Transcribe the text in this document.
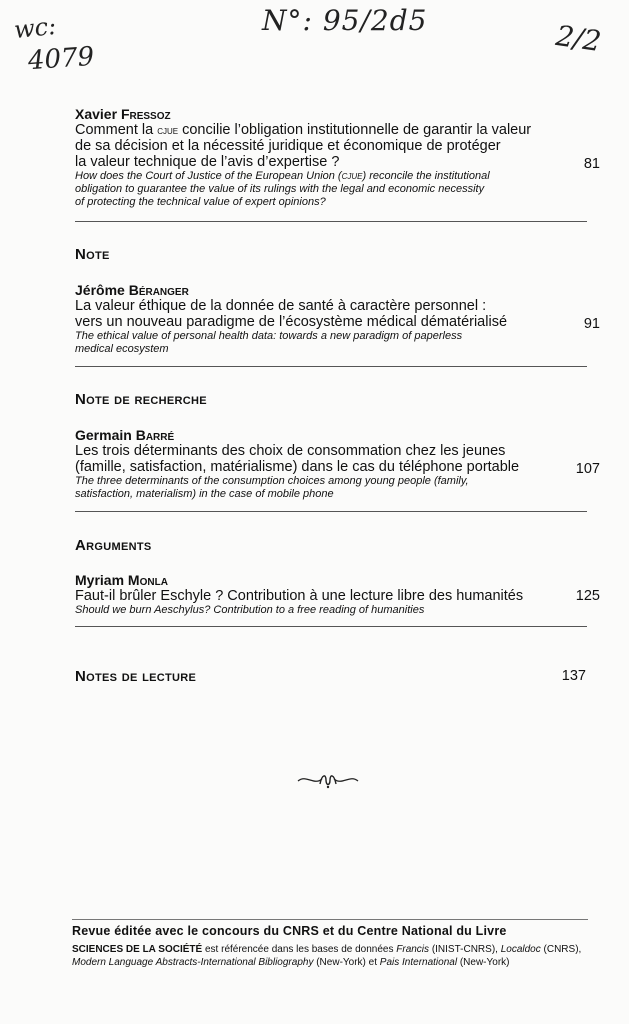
wc:
4079
N°: 95/2d5	2/2
Xavier Fressoz
Comment la cjue concilie l’obligation institutionnelle de garantir la valeur
de sa décision et la nécessité juridique et économique de protéger
la valeur technique de l’avis d’expertise ?
How does the Court of Justice of the European Union (cjue) reconcile the institutional
obligation to guarantee the value of its rulings with the legal and economic necessity
of protecting the technical value of expert opinions?
81
Note
Jérôme Béranger
La valeur éthique de la donnée de santé à caractère personnel :
vers un nouveau paradigme de l’écosystème médical dématérialisé
The ethical value of personal health data: towards a new paradigm of paperless
medical ecosystem
91
Note de recherche
Germain Barré
Les trois déterminants des choix de consommation chez les jeunes
(famille, satisfaction, matérialisme) dans le cas du téléphone portable
The three determinants of the consumption choices among young people (family,
satisfaction, materialism) in the case of mobile phone
107
Arguments
Myriam Monla
Faut-il brûler Eschyle ? Contribution à une lecture libre des humanités
Should we burn Aeschylus? Contribution to a free reading of humanities
125
Notes de lecture	137
Revue éditée avec le concours du CNRS et du Centre National du Livre
SCIENCES DE LA SOCIÉTÉ est référencée dans les bases de données Francis (INIST-CNRS), Localdoc (CNRS),
Modern Language Abstracts-International Bibliography (New-York) et Pais International (New-York)
